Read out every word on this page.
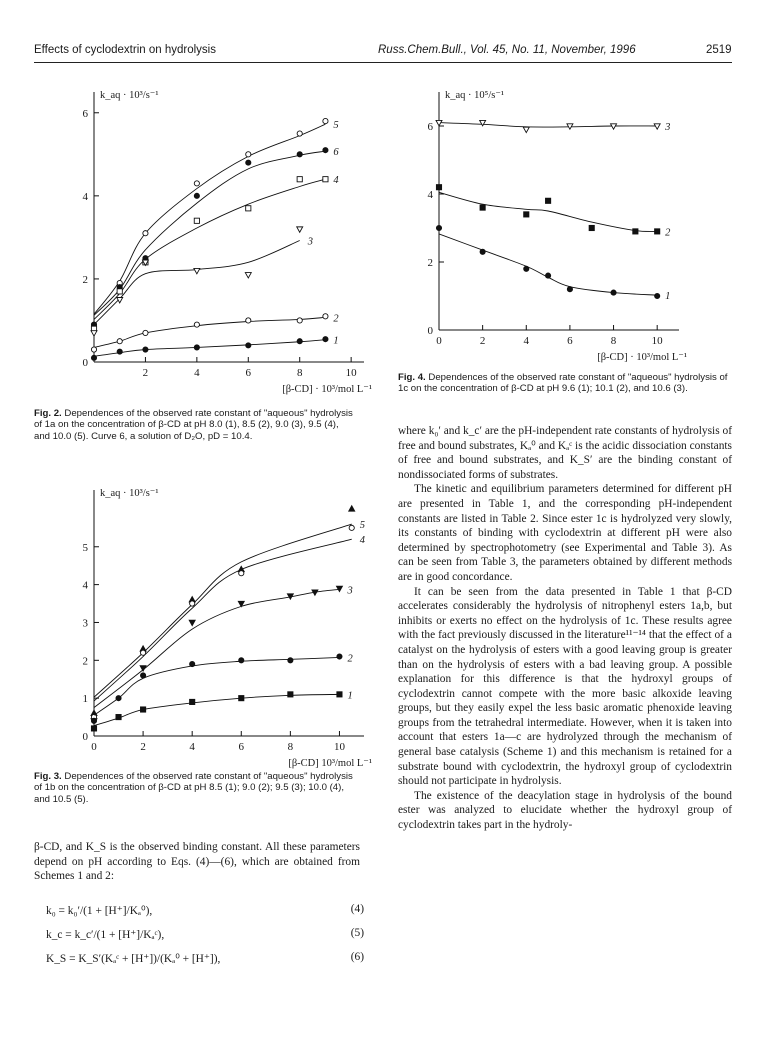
Effects of cyclodextrin on hydrolysis	Russ.Chem.Bull., Vol. 45, No. 11, November, 1996	2519
0
2
4
6
2	4	6	8	10
k_aq · 10³/s⁻¹
[β-CD] · 10³/mol L⁻¹
5
6
4
3
2
1
Fig. 2. Dependences of the observed rate constant of "aqueous" hydrolysis of 1a on the concentration of β-CD at pH 8.0 (1), 8.5 (2), 9.0 (3), 9.5 (4), and 10.0 (5). Curve 6, a solution of D₂O, pD = 10.4.
0
1
2
3
4
5
0	2	4	6	8	10
k_aq · 10³/s⁻¹
[β-CD] 10³/mol L⁻¹
5
4
3
2
1
Fig. 3. Dependences of the observed rate constant of "aqueous" hydrolysis of 1b on the concentration of β-CD at pH 8.5 (1); 9.0 (2); 9.5 (3); 10.0 (4), and 10.5 (5).
0
2
4
6
0	2	4	6	8	10
k_aq · 10⁵/s⁻¹
[β-CD] · 10³/mol L⁻¹
3
2
1
Fig. 4. Dependences of the observed rate constant of "aqueous" hydrolysis of 1c on the concentration of β-CD at pH 9.6 (1); 10.1 (2), and 10.6 (3).

β-CD, and K_S is the observed binding constant. All these parameters depend on pH according to Eqs. (4)—(6), which are obtained from Schemes 1 and 2:

k₀ = k₀′/(1 + [H⁺]/Kₐ⁰),	(4)
k_c = k_c′/(1 + [H⁺]/Kₐᶜ),	(5)
K_S = K_S′(Kₐᶜ + [H⁺])/(Kₐ⁰ + [H⁺]),	(6)

where k₀′ and k_c′ are the pH-independent rate constants of hydrolysis of free and bound substrates, Kₐ⁰ and Kₐᶜ is the acidic dissociation constants of free and bound substrates, and K_S′ are the binding constant of nondissociated forms of substrates.

The kinetic and equilibrium parameters determined for different pH are presented in Table 1, and the corresponding pH-independent constants are listed in Table 2. Since ester 1c is hydrolyzed very slowly, its constants of binding with cyclodextrin at different pH were also determined by spectrophotometry (see Experimental and Table 3). As can be seen from Table 3, the parameters obtained by different methods are in good concordance.

It can be seen from the data presented in Table 1 that β-CD accelerates considerably the hydrolysis of nitrophenyl esters 1a,b, but inhibits or exerts no effect on the hydrolysis of 1c. These results agree with the fact previously discussed in the literature¹¹⁻¹⁴ that the effect of a catalyst on the hydrolysis of esters with a good leaving group is greater than on the hydrolysis of esters with a bad leaving group. A possible explanation for this difference is that the hydroxyl groups of cyclodextrin cannot compete with the more basic alkoxide leaving groups, but they easily expel the less basic aromatic phenoxide leaving groups from the tetrahedral intermediate. However, when it is taken into account that esters 1a—c are hydrolyzed through the mechanism of general base catalysis (Scheme 1) and this mechanism is retained for a substrate bound with cyclodextrin, the hydroxyl group of cyclodextrin should not participate in hydrolysis.

The existence of the deacylation stage in hydrolysis of the bound ester was analyzed to elucidate whether the hydroxyl group of cyclodextrin takes part in the hydroly-
